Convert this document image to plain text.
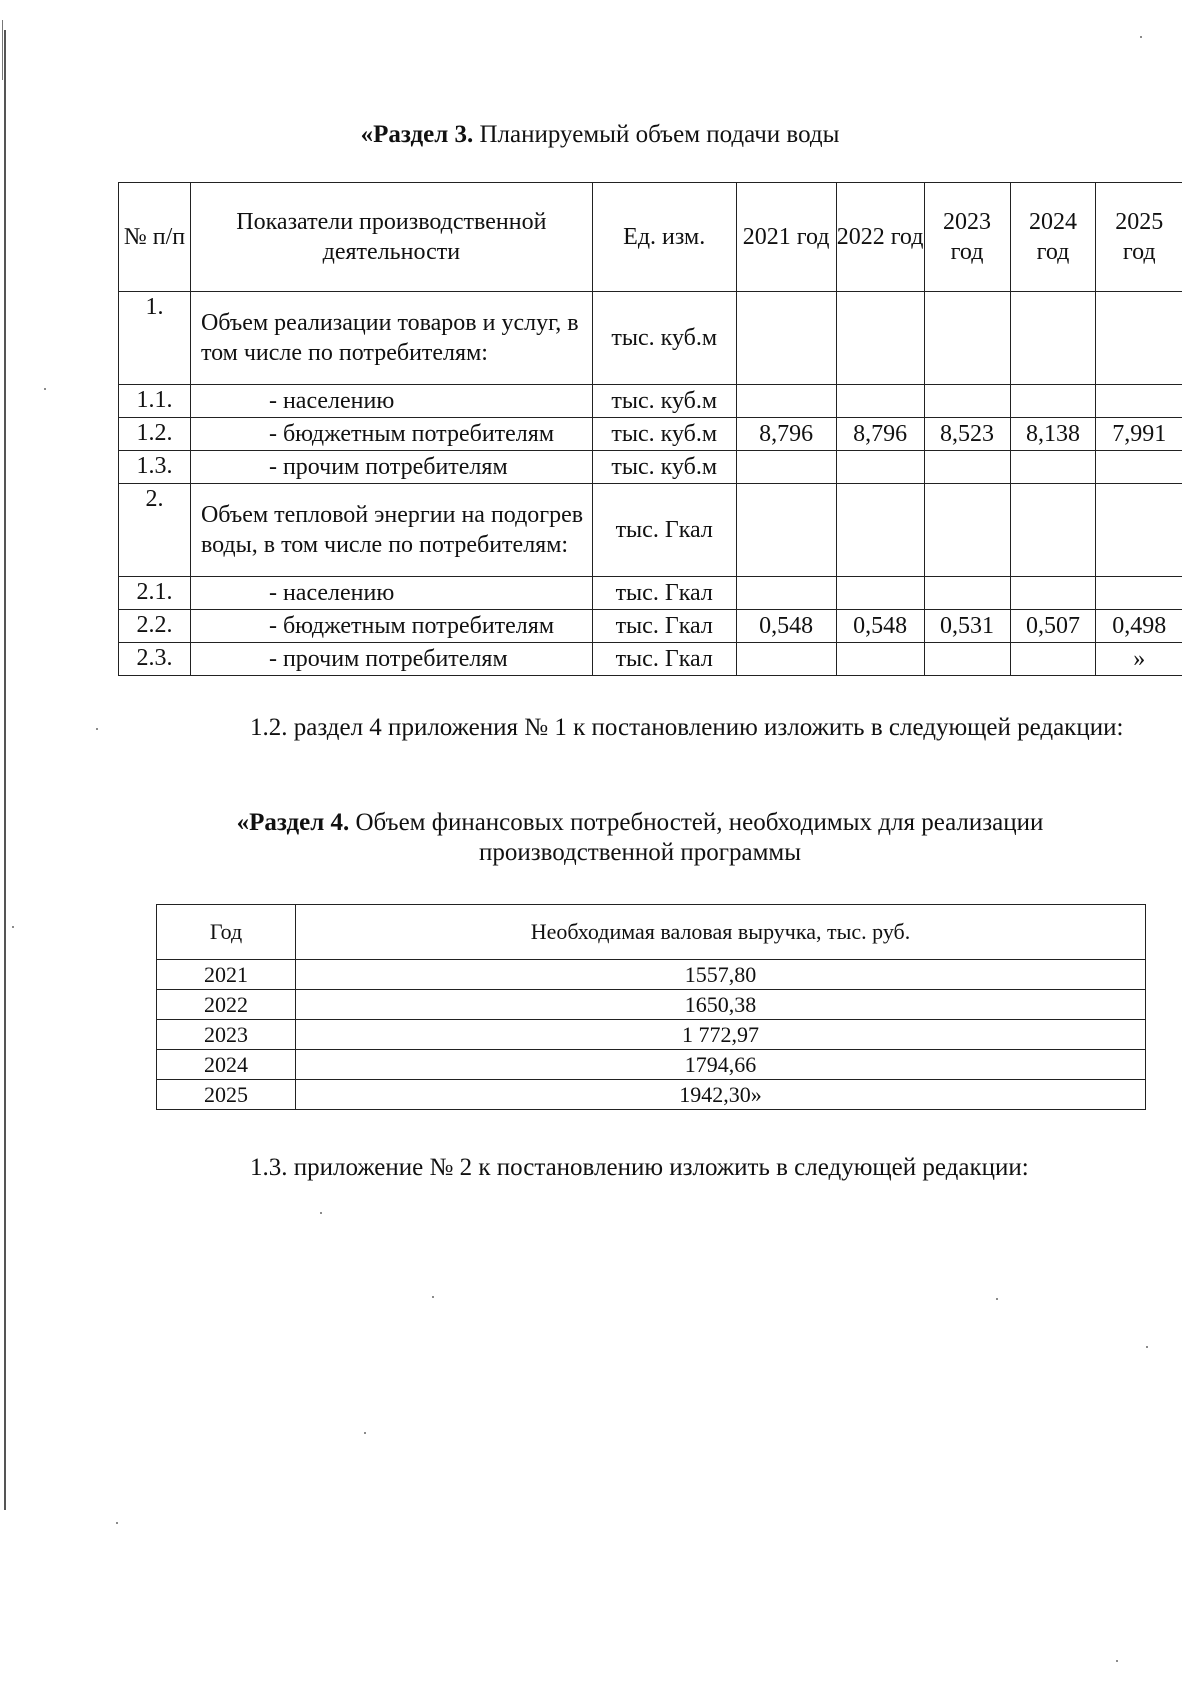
«Раздел 3. Планируемый объем подачи воды
№ п/п	Показатели производственной деятельности	Ед. изм.	2021 год	2022 год	2023 год	2024 год	2025 год
1.	Объем реализации товаров и услуг, в том числе по потребителям:	тыс. куб.м					
1.1.	- населению	тыс. куб.м					
1.2.	- бюджетным потребителям	тыс. куб.м	8,796	8,796	8,523	8,138	7,991
1.3.	- прочим потребителям	тыс. куб.м					
2.	Объем тепловой энергии на подогрев воды, в том числе по потребителям:	тыс. Гкал					
2.1.	- населению	тыс. Гкал					
2.2.	- бюджетным потребителям	тыс. Гкал	0,548	0,548	0,531	0,507	0,498
2.3.	- прочим потребителям	тыс. Гкал					»
1.2. раздел 4 приложения № 1 к постановлению изложить в следующей редакции:
«Раздел 4. Объем финансовых потребностей, необходимых для реализации производственной программы
Год	Необходимая валовая выручка, тыс. руб.
2021	1557,80
2022	1650,38
2023	1 772,97
2024	1794,66
2025	1942,30»
1.3. приложение № 2 к постановлению изложить в следующей редакции:
